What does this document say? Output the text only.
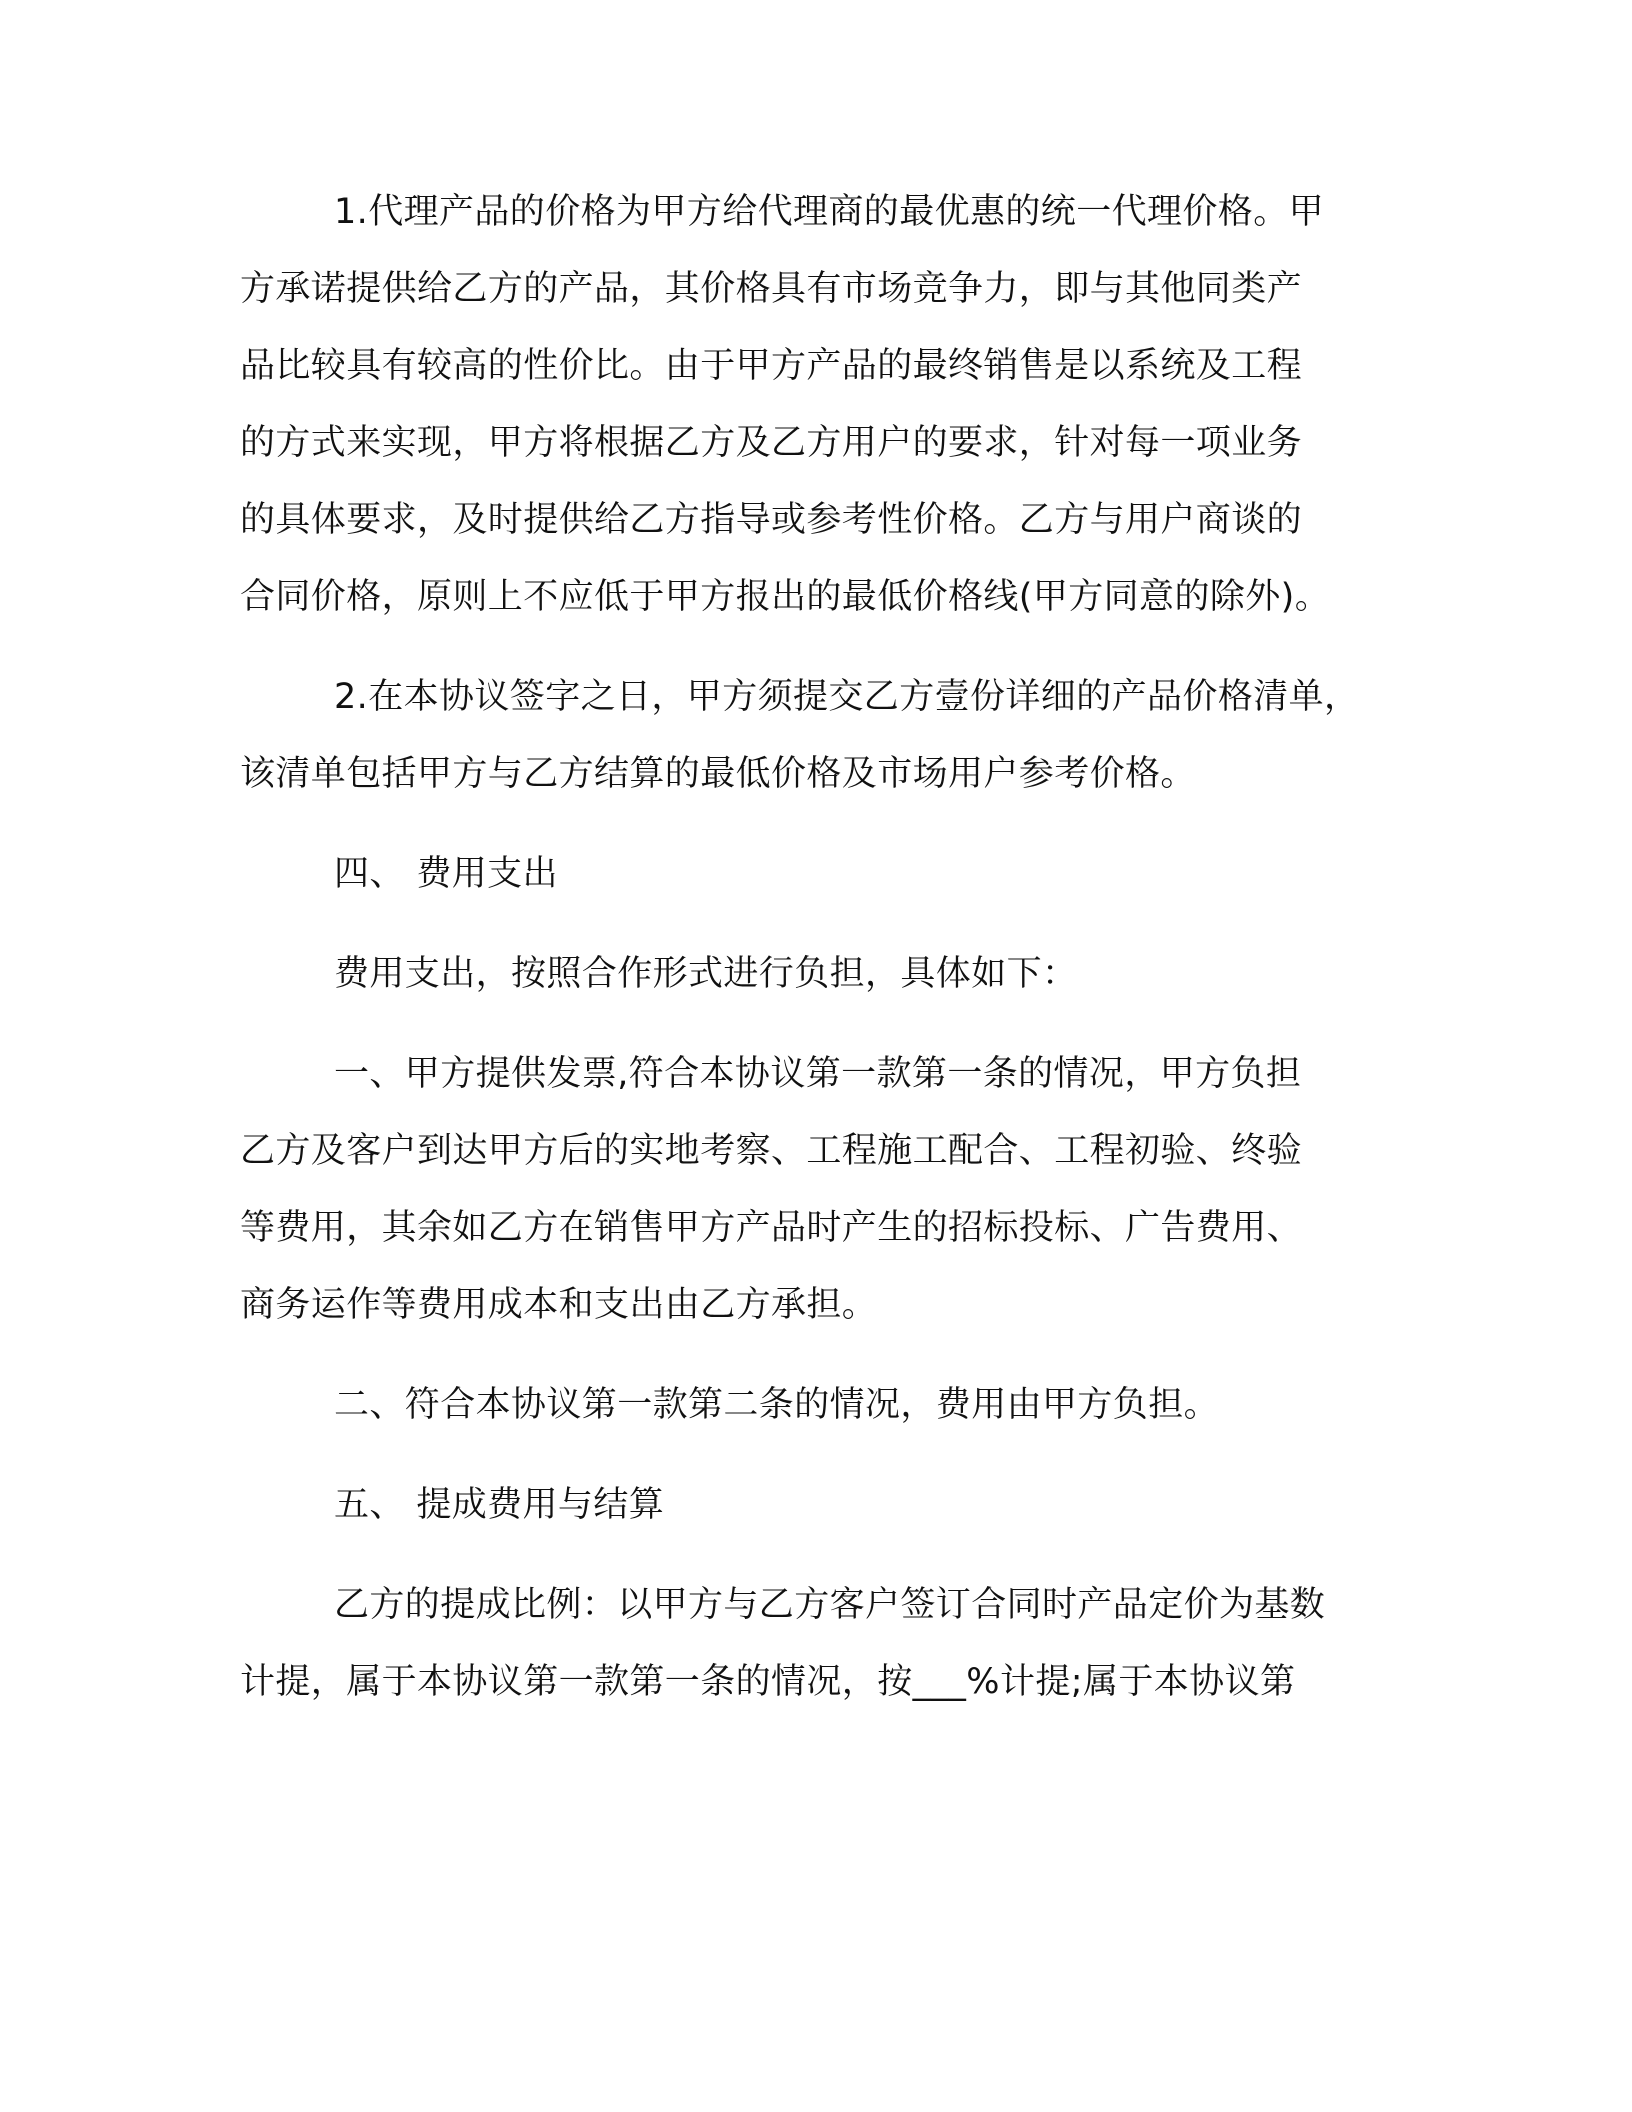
1.代理产品的价格为甲方给代理商的最优惠的统一代理价格。甲
方承诺提供给乙方的产品，其价格具有市场竞争力，即与其他同类产
品比较具有较高的性价比。由于甲方产品的最终销售是以系统及工程
的方式来实现，甲方将根据乙方及乙方用户的要求，针对每一项业务
的具体要求，及时提供给乙方指导或参考性价格。乙方与用户商谈的
合同价格，原则上不应低于甲方报出的最低价格线(甲方同意的除外)。
2.在本协议签字之日，甲方须提交乙方壹份详细的产品价格清单，
该清单包括甲方与乙方结算的最低价格及市场用户参考价格。
四、 费用支出
费用支出，按照合作形式进行负担，具体如下：
一、甲方提供发票,符合本协议第一款第一条的情况，甲方负担
乙方及客户到达甲方后的实地考察、工程施工配合、工程初验、终验
等费用，其余如乙方在销售甲方产品时产生的招标投标、广告费用、
商务运作等费用成本和支出由乙方承担。
二、符合本协议第一款第二条的情况，费用由甲方负担。
五、 提成费用与结算
乙方的提成比例：以甲方与乙方客户签订合同时产品定价为基数
计提，属于本协议第一款第一条的情况，按___%计提;属于本协议第
